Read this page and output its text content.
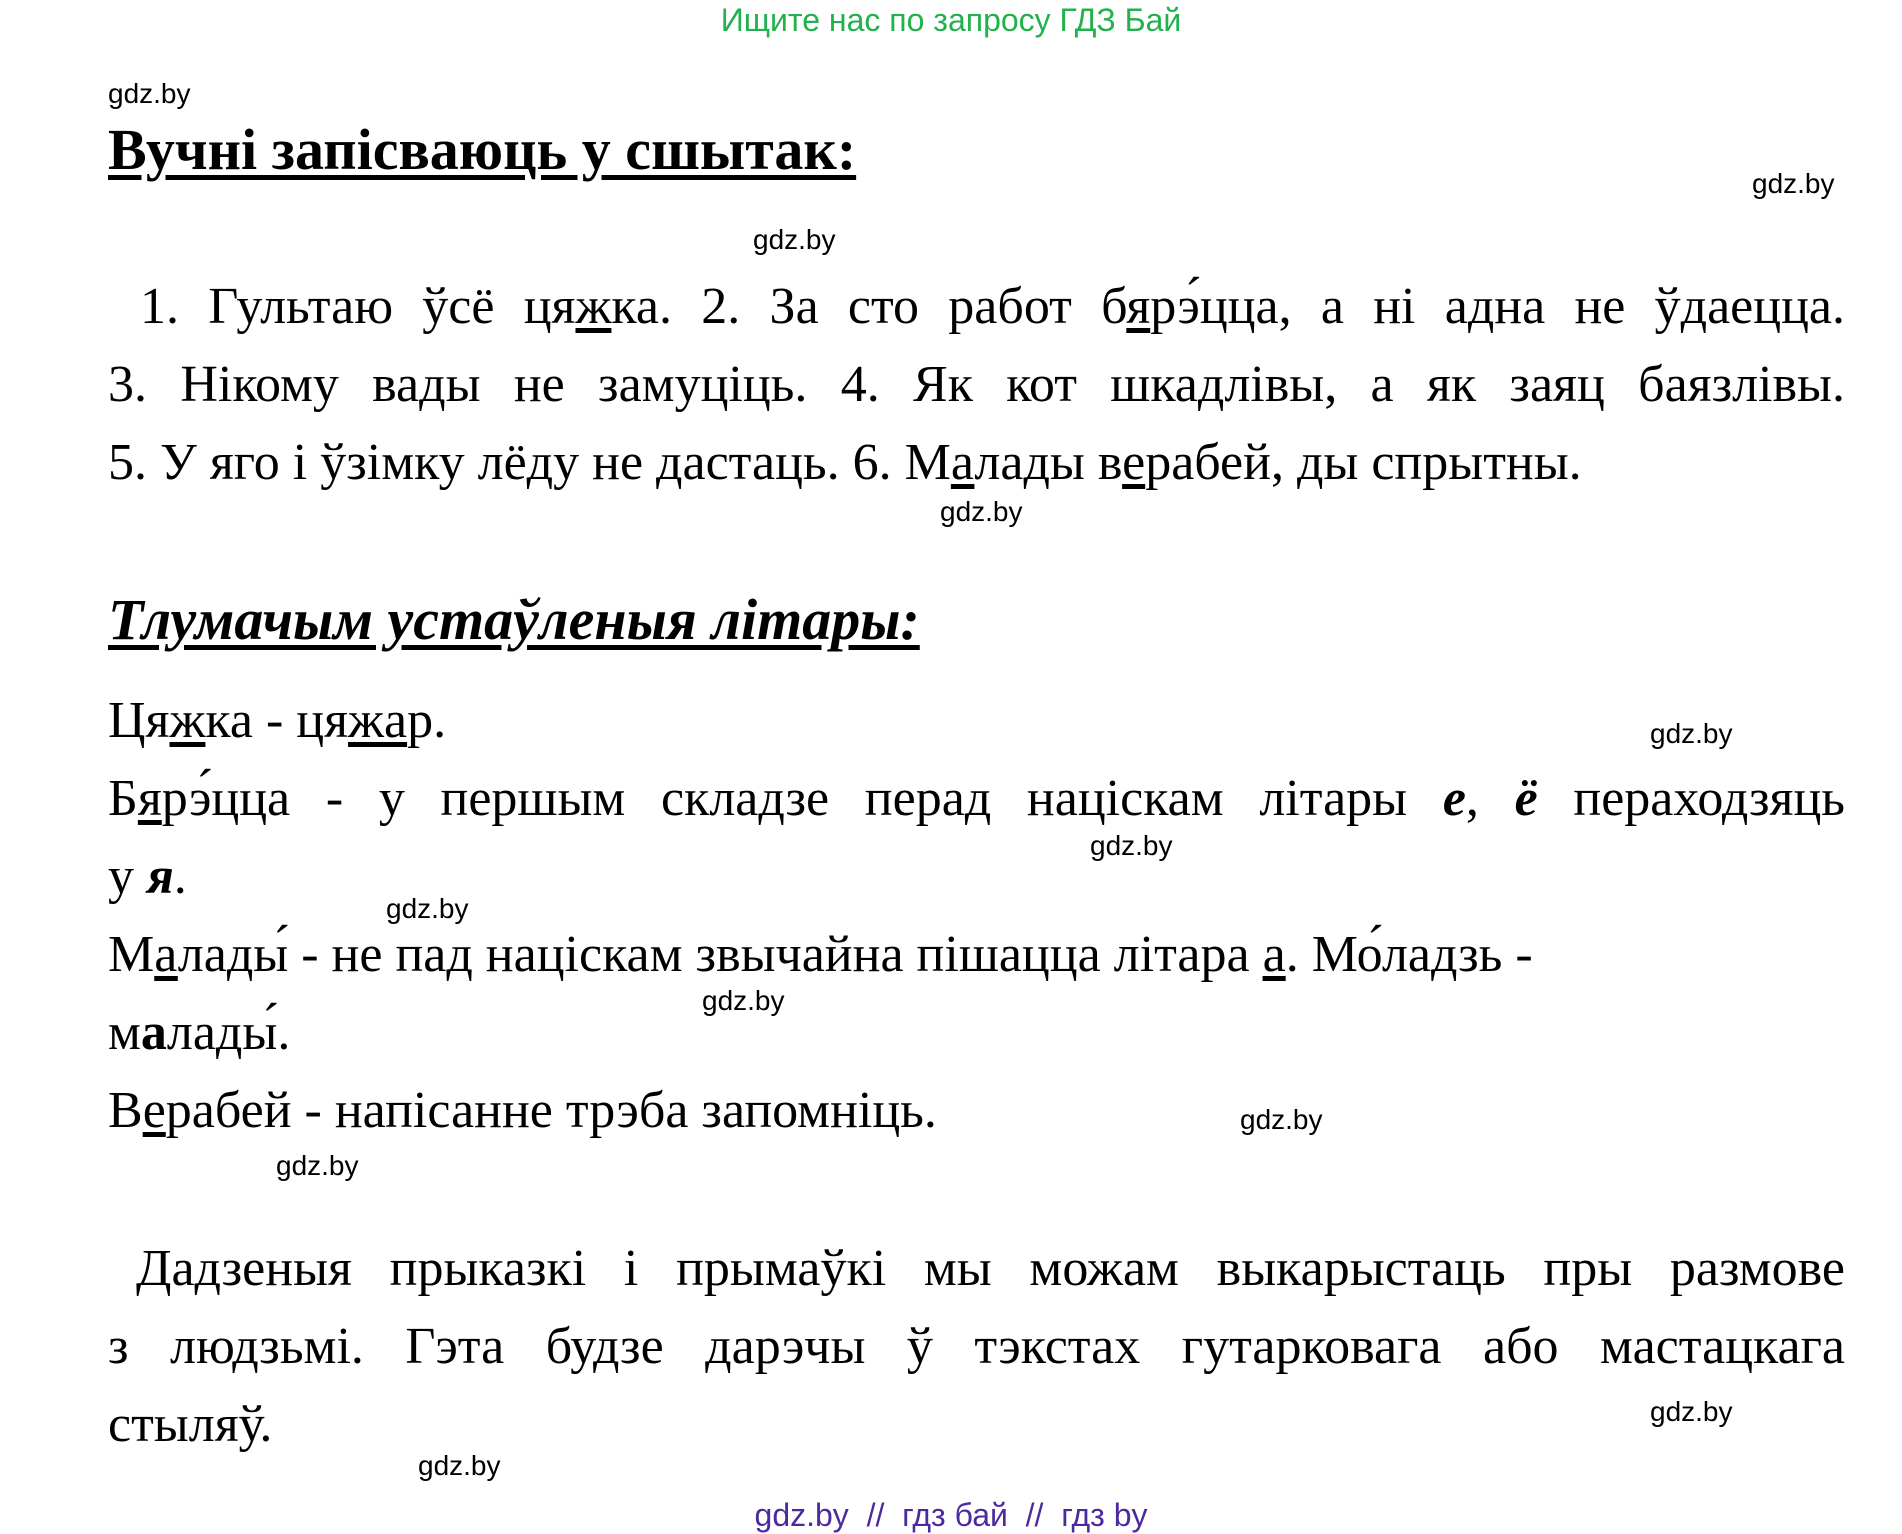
Ищите нас по запросу ГДЗ Бай
gdz.by
gdz.by
gdz.by
gdz.by
gdz.by
gdz.by
gdz.by
gdz.by
gdz.by
gdz.by
gdz.by
gdz.by
Вучні запісваюць у сшытак:
1. Гультаю ўсё цяжка. 2. За сто работ бярэ́цца, а ні адна не ўдаецца.
3. Нікому вады не замуціць. 4. Як кот шкадлівы, а як заяц баязлівы.
5. У яго і ўзімку лёду не дастаць. 6. Малады верабей, ды спрытны.
Тлумачым устаўленыя літары:
Цяжка - цяжар.
Бярэ́цца - у першым складзе перад націскам літары е, ё пераходзяць
у я.
Малады́ - не пад націскам звычайна пішацца літара а. Мо́ладзь -
малады́.
Верабей - напісанне трэба запомніць.
Дадзеныя прыказкі і прымаўкі мы можам выкарыстаць пры размове
з людзьмі. Гэта будзе дарэчы ў тэкстах гутарковага або мастацкага
стыляў.
gdz.by  //  гдз бай  //  гдз by
